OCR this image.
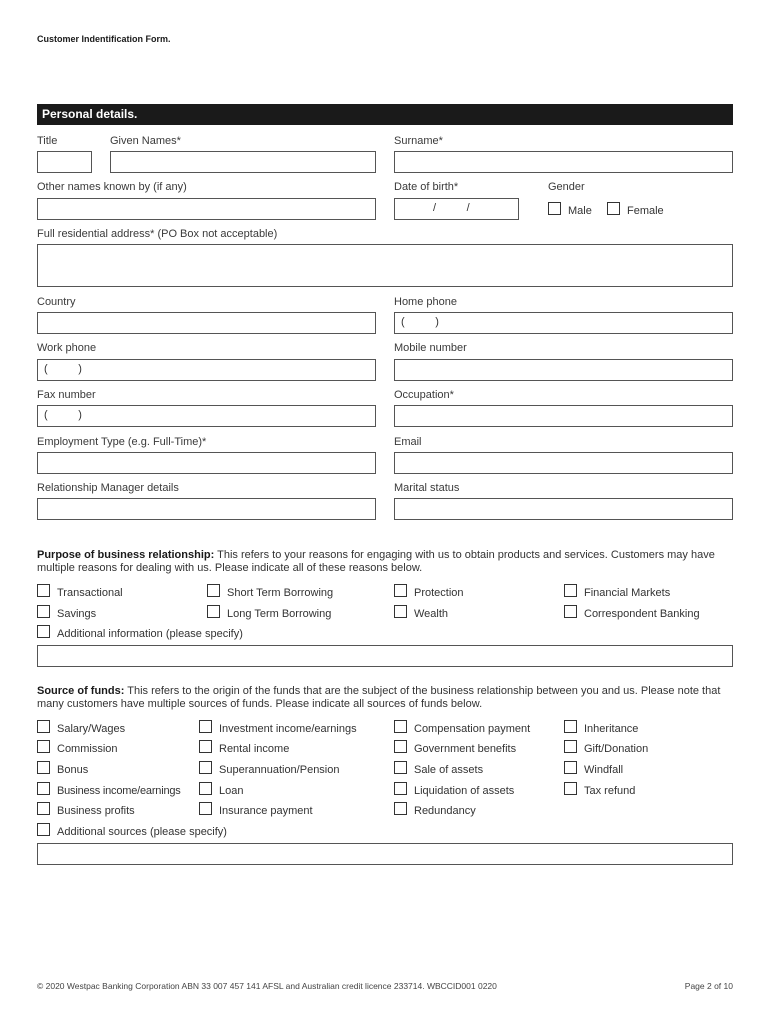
Customer Indentification Form.
Personal details.
Title	Given Names*	Surname*
Other names known by (if any)	Date of birth*	Gender
/          /	Male	Female
Full residential address* (PO Box not acceptable)
Country	Home phone
(          )
Work phone	Mobile number
(          )
Fax number	Occupation*
(          )
Employment Type (e.g. Full-Time)*	Email
Relationship Manager details	Marital status
Purpose of business relationship: This refers to your reasons for engaging with us to obtain products and services. Customers may have multiple reasons for dealing with us. Please indicate all of these reasons below.
Transactional	Short Term Borrowing	Protection	Financial Markets
Savings	Long Term Borrowing	Wealth	Correspondent Banking
Additional information (please specify)
Source of funds: This refers to the origin of the funds that are the subject of the business relationship between you and us. Please note that many customers have multiple sources of funds. Please indicate all sources of funds below.
Salary/Wages	Investment income/earnings	Compensation payment	Inheritance
Commission	Rental income	Government benefits	Gift/Donation
Bonus	Superannuation/Pension	Sale of assets	Windfall
Business income/earnings	Loan	Liquidation of assets	Tax refund
Business profits	Insurance payment	Redundancy
Additional sources (please specify)
© 2020 Westpac Banking Corporation ABN 33 007 457 141 AFSL and Australian credit licence 233714. WBCCID001 0220	Page 2 of 10
